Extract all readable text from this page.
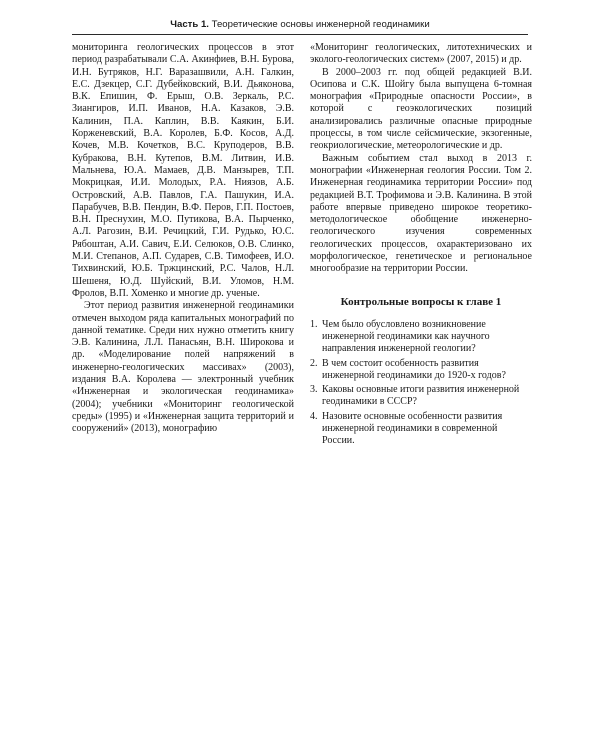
Часть 1. Теоретические основы инженерной геодинамики

мониторинга геологических процессов в этот период разрабатывали С.А. Акинфиев, В.Н. Бурова, И.Н. Бутряков, Н.Г. Варазашвили, А.Н. Галкин, Е.С. Дзекцер, С.Г. Дубейковский, В.И. Дьяконова, В.К. Епишин, Ф. Ерыш, О.В. Зеркаль, Р.С. Зиангиров, И.П. Иванов, Н.А. Казаков, Э.В. Калинин, П.А. Каплин, В.В. Каякин, Б.И. Корженевский, В.А. Королев, Б.Ф. Косов, А.Д. Кочев, М.В. Кочетков, В.С. Круподеров, В.В. Кубракова, В.Н. Кутепов, В.М. Литвин, И.В. Мальнева, Ю.А. Мамаев, Д.В. Манзырев, Т.П. Мокрицкая, И.И. Молодых, Р.А. Ниязов, А.Б. Островский, А.В. Павлов, Г.А. Пашукин, И.А. Парабучев, В.В. Пендин, В.Ф. Перов, Г.П. Постоев, В.Н. Преснухин, М.О. Путикова, В.А. Пырченко, А.Л. Рагозин, В.И. Речицкий, Г.И. Рудько, Ю.С. Рябоштан, А.И. Савич, Е.И. Селюков, О.В. Слинко, М.И. Степанов, А.П. Сударев, С.В. Тимофеев, И.О. Тихвинский, Ю.Б. Тржцинский, Р.С. Чалов, Н.Л. Шешеня, Ю.Д. Шуйский, В.И. Уломов, Н.М. Фролов, В.П. Хоменко и многие др. ученые.

Этот период развития инженерной геодинамики отмечен выходом ряда капитальных монографий по данной тематике. Среди них нужно отметить книгу Э.В. Калинина, Л.Л. Панасьян, В.Н. Широкова и др. «Моделирование полей напряжений в инженерно-геологических массивах» (2003), издания В.А. Королева — электронный учебник «Инженерная и экологическая геодинамика» (2004); учебники «Мониторинг геологической среды» (1995) и «Инженерная защита территорий и сооружений» (2013), монографию

«Мониторинг геологических, литотехнических и эколого-геологических систем» (2007, 2015) и др.

В 2000–2003 гг. под общей редакцией В.И. Осипова и С.К. Шойгу была выпущена 6-томная монография «Природные опасности России», в которой с геоэкологических позиций анализировались различные опасные природные процессы, в том числе сейсмические, экзогенные, геокриологические, метеорологические и др.

Важным событием стал выход в 2013 г. монографии «Инженерная геология России. Том 2. Инженерная геодинамика территории России» под редакцией В.Т. Трофимова и Э.В. Калинина. В этой работе впервые приведено широкое теоретико-методологическое обобщение инженерно-геологического изучения современных геологических процессов, охарактеризовано их морфологическое, генетическое и региональное многообразие на территории России.

Контрольные вопросы к главе 1
1. Чем было обусловлено возникновение инженерной геодинамики как научного направления инженерной геологии?
2. В чем состоит особенность развития инженерной геодинамики до 1920-х годов?
3. Каковы основные итоги развития инженерной геодинамики в СССР?
4. Назовите основные особенности развития инженерной геодинамики в современной России.
